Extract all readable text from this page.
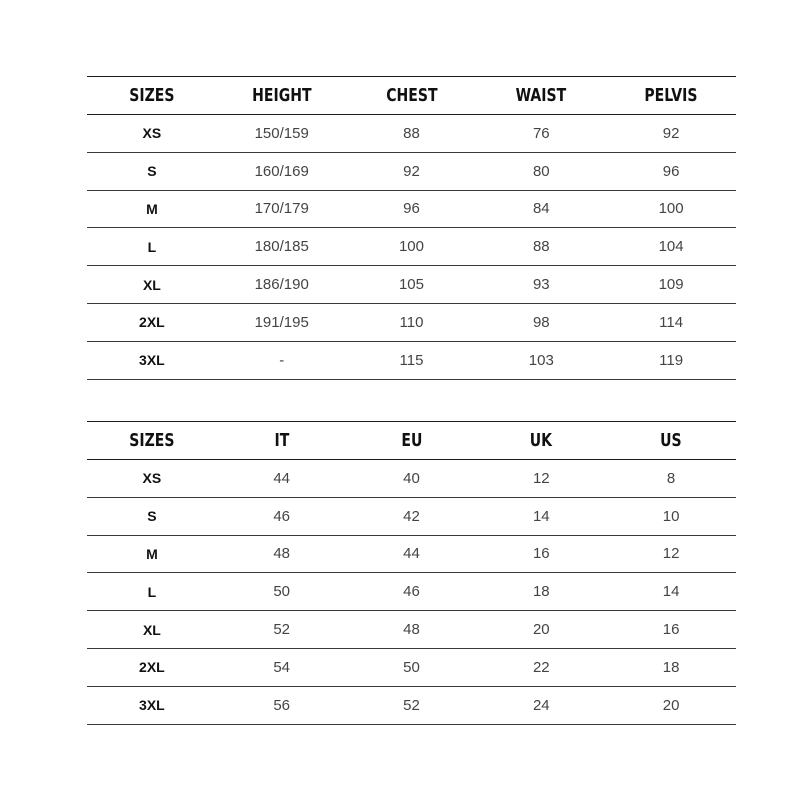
SIZES	HEIGHT	CHEST	WAIST	PELVIS
XS	150/159	88	76	92
S	160/169	92	80	96
M	170/179	96	84	100
L	180/185	100	88	104
XL	186/190	105	93	109
2XL	191/195	110	98	114
3XL	-	115	103	119
SIZES	IT	EU	UK	US
XS	44	40	12	8
S	46	42	14	10
M	48	44	16	12
L	50	46	18	14
XL	52	48	20	16
2XL	54	50	22	18
3XL	56	52	24	20
